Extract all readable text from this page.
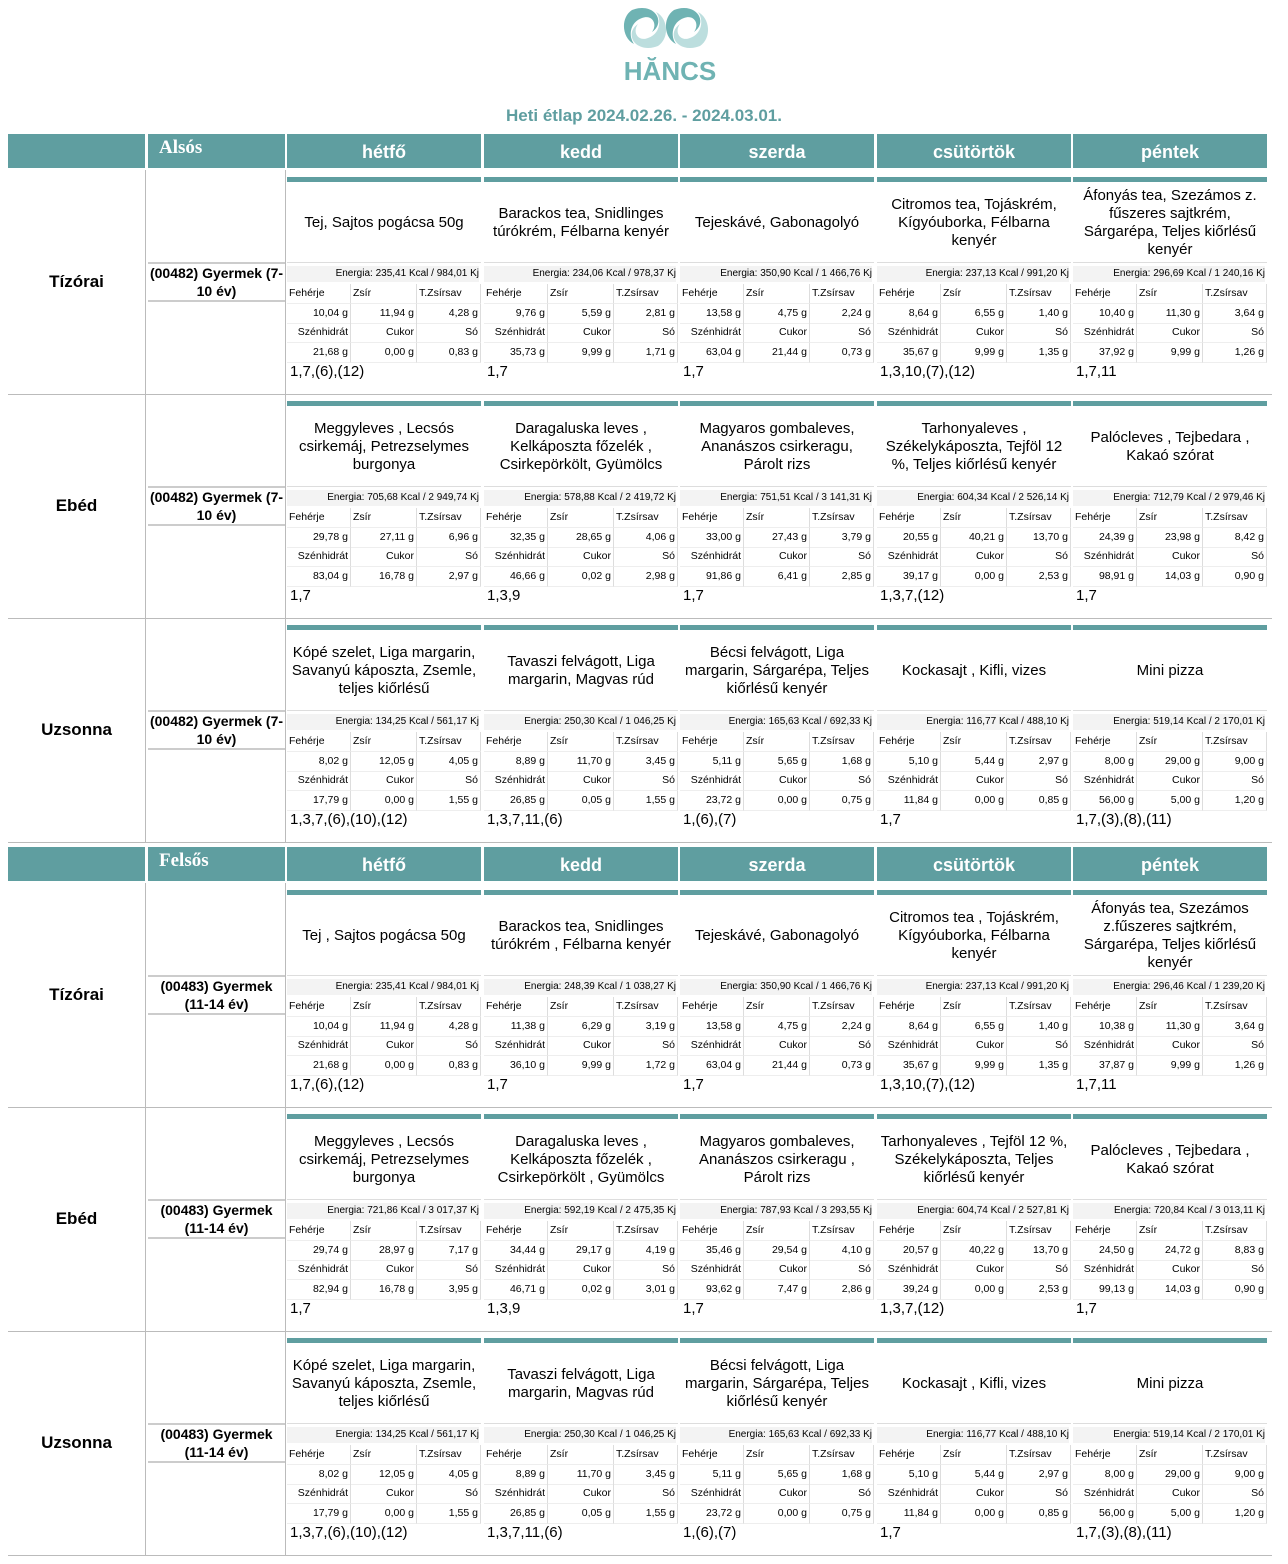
HĂNCS
Heti étlap 2024.02.26. - 2024.03.01.
Alsós	hétfő	kedd	szerda	csütörtök	péntek
Tízórai	(00482) Gyermek (7-10 év)
Tej, Sajtos pogácsa 50g
Energia: 235,41 Kcal / 984,01 Kj
Fehérje	Zsír	T.Zsírsav
10,04 g	11,94 g	4,28 g
Szénhidrát	Cukor	Só
21,68 g	0,00 g	0,83 g
1,7,(6),(12)
Barackos tea, Snidlinges túrókrém, Félbarna kenyér
Energia: 234,06 Kcal / 978,37 Kj
Fehérje	Zsír	T.Zsírsav
9,76 g	5,59 g	2,81 g
Szénhidrát	Cukor	Só
35,73 g	9,99 g	1,71 g
1,7
Tejeskávé, Gabonagolyó
Energia: 350,90 Kcal / 1 466,76 Kj
Fehérje	Zsír	T.Zsírsav
13,58 g	4,75 g	2,24 g
Szénhidrát	Cukor	Só
63,04 g	21,44 g	0,73 g
1,7
Citromos tea, Tojáskrém, Kígyóuborka, Félbarna kenyér
Energia: 237,13 Kcal / 991,20 Kj
Fehérje	Zsír	T.Zsírsav
8,64 g	6,55 g	1,40 g
Szénhidrát	Cukor	Só
35,67 g	9,99 g	1,35 g
1,3,10,(7),(12)
Áfonyás tea, Szezámos z. fűszeres sajtkrém, Sárgarépa, Teljes kiőrlésű kenyér
Energia: 296,69 Kcal / 1 240,16 Kj
Fehérje	Zsír	T.Zsírsav
10,40 g	11,30 g	3,64 g
Szénhidrát	Cukor	Só
37,92 g	9,99 g	1,26 g
1,7,11
Ebéd	(00482) Gyermek (7-10 év)
Meggyleves , Lecsós csirkemáj, Petrezselymes burgonya
Energia: 705,68 Kcal / 2 949,74 Kj
Fehérje	Zsír	T.Zsírsav
29,78 g	27,11 g	6,96 g
Szénhidrát	Cukor	Só
83,04 g	16,78 g	2,97 g
1,7
Daragaluska leves , Kelkáposzta főzelék , Csirkepörkölt, Gyümölcs
Energia: 578,88 Kcal / 2 419,72 Kj
Fehérje	Zsír	T.Zsírsav
32,35 g	28,65 g	4,06 g
Szénhidrát	Cukor	Só
46,66 g	0,02 g	2,98 g
1,3,9
Magyaros gombaleves, Ananászos csirkeragu, Párolt rizs
Energia: 751,51 Kcal / 3 141,31 Kj
Fehérje	Zsír	T.Zsírsav
33,00 g	27,43 g	3,79 g
Szénhidrát	Cukor	Só
91,86 g	6,41 g	2,85 g
1,7
Tarhonyaleves , Székelykáposzta, Tejföl 12 %, Teljes kiőrlésű kenyér
Energia: 604,34 Kcal / 2 526,14 Kj
Fehérje	Zsír	T.Zsírsav
20,55 g	40,21 g	13,70 g
Szénhidrát	Cukor	Só
39,17 g	0,00 g	2,53 g
1,3,7,(12)
Palócleves , Tejbedara , Kakaó szórat
Energia: 712,79 Kcal / 2 979,46 Kj
Fehérje	Zsír	T.Zsírsav
24,39 g	23,98 g	8,42 g
Szénhidrát	Cukor	Só
98,91 g	14,03 g	0,90 g
1,7
Uzsonna	(00482) Gyermek (7-10 év)
Kópé szelet, Liga margarin, Savanyú káposzta, Zsemle, teljes kiőrlésű
Energia: 134,25 Kcal / 561,17 Kj
Fehérje	Zsír	T.Zsírsav
8,02 g	12,05 g	4,05 g
Szénhidrát	Cukor	Só
17,79 g	0,00 g	1,55 g
1,3,7,(6),(10),(12)
Tavaszi felvágott, Liga margarin, Magvas rúd
Energia: 250,30 Kcal / 1 046,25 Kj
Fehérje	Zsír	T.Zsírsav
8,89 g	11,70 g	3,45 g
Szénhidrát	Cukor	Só
26,85 g	0,05 g	1,55 g
1,3,7,11,(6)
Bécsi felvágott, Liga margarin, Sárgarépa, Teljes kiőrlésű kenyér
Energia: 165,63 Kcal / 692,33 Kj
Fehérje	Zsír	T.Zsírsav
5,11 g	5,65 g	1,68 g
Szénhidrát	Cukor	Só
23,72 g	0,00 g	0,75 g
1,(6),(7)
Kockasajt , Kifli, vizes
Energia: 116,77 Kcal / 488,10 Kj
Fehérje	Zsír	T.Zsírsav
5,10 g	5,44 g	2,97 g
Szénhidrát	Cukor	Só
11,84 g	0,00 g	0,85 g
1,7
Mini pizza
Energia: 519,14 Kcal / 2 170,01 Kj
Fehérje	Zsír	T.Zsírsav
8,00 g	29,00 g	9,00 g
Szénhidrát	Cukor	Só
56,00 g	5,00 g	1,20 g
1,7,(3),(8),(11)
Felsős	hétfő	kedd	szerda	csütörtök	péntek
Tízórai	(00483) Gyermek (11-14 év)
Tej , Sajtos pogácsa 50g
Energia: 235,41 Kcal / 984,01 Kj
Fehérje	Zsír	T.Zsírsav
10,04 g	11,94 g	4,28 g
Szénhidrát	Cukor	Só
21,68 g	0,00 g	0,83 g
1,7,(6),(12)
Barackos tea, Snidlinges túrókrém , Félbarna kenyér
Energia: 248,39 Kcal / 1 038,27 Kj
Fehérje	Zsír	T.Zsírsav
11,38 g	6,29 g	3,19 g
Szénhidrát	Cukor	Só
36,10 g	9,99 g	1,72 g
1,7
Tejeskávé, Gabonagolyó
Energia: 350,90 Kcal / 1 466,76 Kj
Fehérje	Zsír	T.Zsírsav
13,58 g	4,75 g	2,24 g
Szénhidrát	Cukor	Só
63,04 g	21,44 g	0,73 g
1,7
Citromos tea , Tojáskrém, Kígyóuborka, Félbarna kenyér
Energia: 237,13 Kcal / 991,20 Kj
Fehérje	Zsír	T.Zsírsav
8,64 g	6,55 g	1,40 g
Szénhidrát	Cukor	Só
35,67 g	9,99 g	1,35 g
1,3,10,(7),(12)
Áfonyás tea, Szezámos z.fűszeres sajtkrém, Sárgarépa, Teljes kiőrlésű kenyér
Energia: 296,46 Kcal / 1 239,20 Kj
Fehérje	Zsír	T.Zsírsav
10,38 g	11,30 g	3,64 g
Szénhidrát	Cukor	Só
37,87 g	9,99 g	1,26 g
1,7,11
Ebéd	(00483) Gyermek (11-14 év)
Meggyleves , Lecsós csirkemáj, Petrezselymes burgonya
Energia: 721,86 Kcal / 3 017,37 Kj
Fehérje	Zsír	T.Zsírsav
29,74 g	28,97 g	7,17 g
Szénhidrát	Cukor	Só
82,94 g	16,78 g	3,95 g
1,7
Daragaluska leves , Kelkáposzta főzelék , Csirkepörkölt , Gyümölcs
Energia: 592,19 Kcal / 2 475,35 Kj
Fehérje	Zsír	T.Zsírsav
34,44 g	29,17 g	4,19 g
Szénhidrát	Cukor	Só
46,71 g	0,02 g	3,01 g
1,3,9
Magyaros gombaleves, Ananászos csirkeragu , Párolt rizs
Energia: 787,93 Kcal / 3 293,55 Kj
Fehérje	Zsír	T.Zsírsav
35,46 g	29,54 g	4,10 g
Szénhidrát	Cukor	Só
93,62 g	7,47 g	2,86 g
1,7
Tarhonyaleves , Tejföl 12 %, Székelykáposzta, Teljes kiőrlésű kenyér
Energia: 604,74 Kcal / 2 527,81 Kj
Fehérje	Zsír	T.Zsírsav
20,57 g	40,22 g	13,70 g
Szénhidrát	Cukor	Só
39,24 g	0,00 g	2,53 g
1,3,7,(12)
Palócleves , Tejbedara , Kakaó szórat
Energia: 720,84 Kcal / 3 013,11 Kj
Fehérje	Zsír	T.Zsírsav
24,50 g	24,72 g	8,83 g
Szénhidrát	Cukor	Só
99,13 g	14,03 g	0,90 g
1,7
Uzsonna	(00483) Gyermek (11-14 év)
Kópé szelet, Liga margarin, Savanyú káposzta, Zsemle, teljes kiőrlésű
Energia: 134,25 Kcal / 561,17 Kj
Fehérje	Zsír	T.Zsírsav
8,02 g	12,05 g	4,05 g
Szénhidrát	Cukor	Só
17,79 g	0,00 g	1,55 g
1,3,7,(6),(10),(12)
Tavaszi felvágott, Liga margarin, Magvas rúd
Energia: 250,30 Kcal / 1 046,25 Kj
Fehérje	Zsír	T.Zsírsav
8,89 g	11,70 g	3,45 g
Szénhidrát	Cukor	Só
26,85 g	0,05 g	1,55 g
1,3,7,11,(6)
Bécsi felvágott, Liga margarin, Sárgarépa, Teljes kiőrlésű kenyér
Energia: 165,63 Kcal / 692,33 Kj
Fehérje	Zsír	T.Zsírsav
5,11 g	5,65 g	1,68 g
Szénhidrát	Cukor	Só
23,72 g	0,00 g	0,75 g
1,(6),(7)
Kockasajt , Kifli, vizes
Energia: 116,77 Kcal / 488,10 Kj
Fehérje	Zsír	T.Zsírsav
5,10 g	5,44 g	2,97 g
Szénhidrát	Cukor	Só
11,84 g	0,00 g	0,85 g
1,7
Mini pizza
Energia: 519,14 Kcal / 2 170,01 Kj
Fehérje	Zsír	T.Zsírsav
8,00 g	29,00 g	9,00 g
Szénhidrát	Cukor	Só
56,00 g	5,00 g	1,20 g
1,7,(3),(8),(11)
